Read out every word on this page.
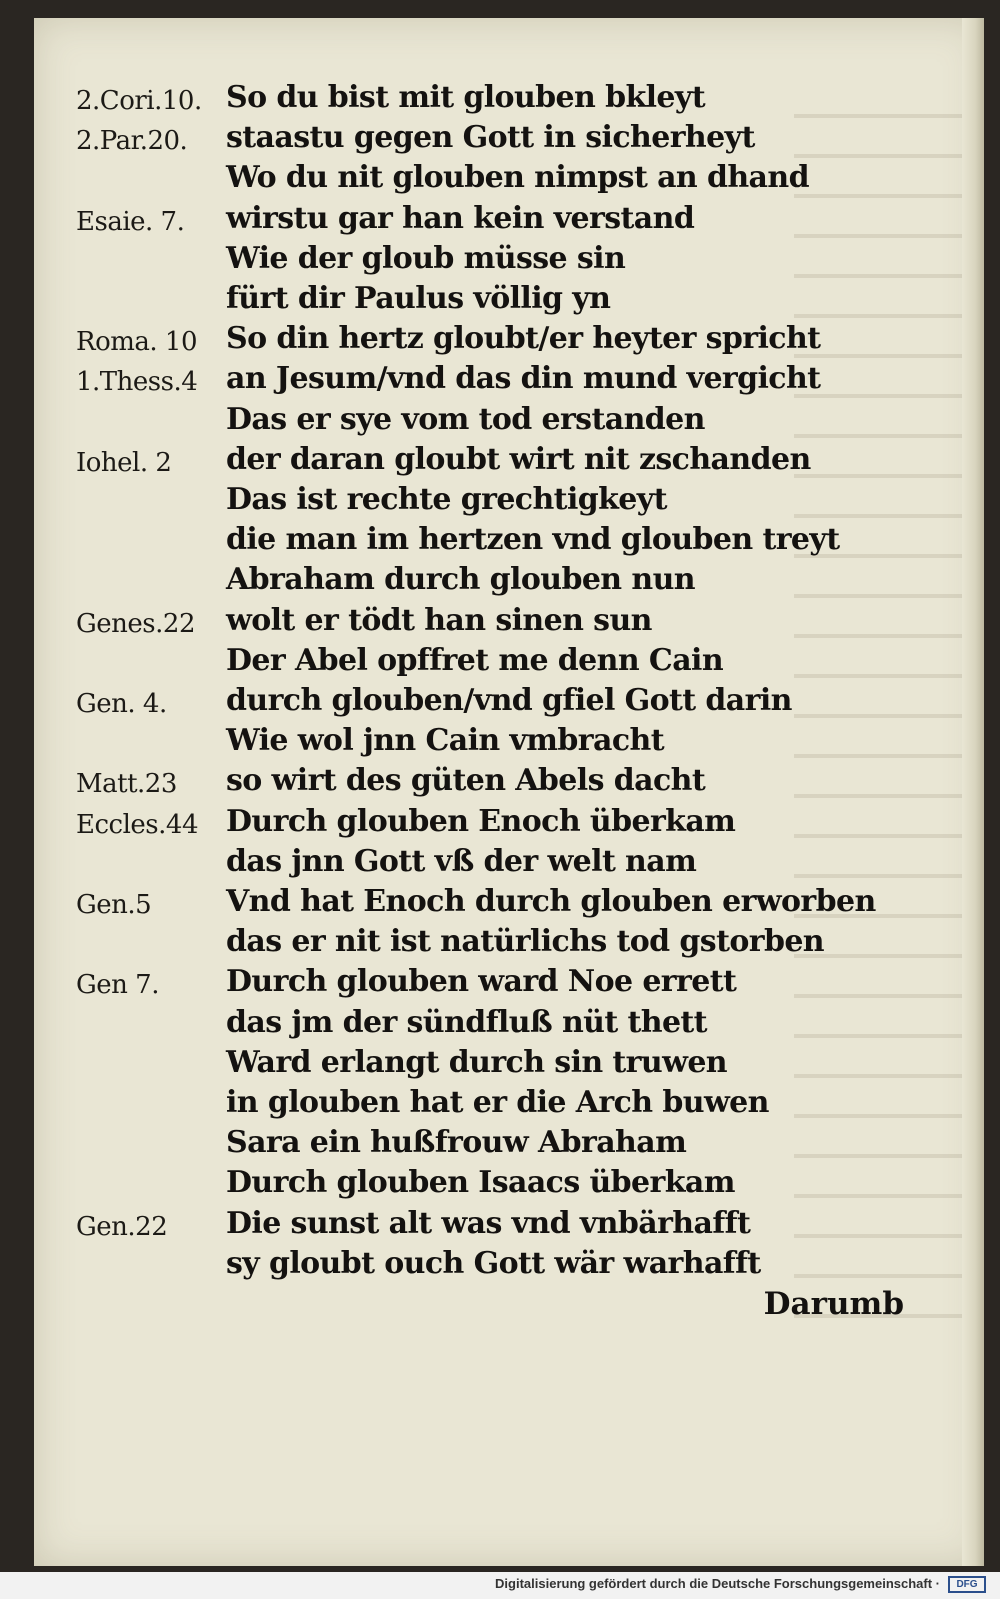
2.Cori.10. So du bist mit glouben bkleyt
2.Par.20. staastu gegen Gott in sicherheyt
Wo du nit glouben nimpst an dhand
Esaie. 7. wirstu gar han kein verstand
Wie der gloub müsse sin
fürt dir Paulus völlig yn
Roma. 10 So din hertz gloubt/er heyter spricht
1.Thess.4 an Jesum/vnd das din mund vergicht
Das er sye vom tod erstanden
Iohel. 2 der daran gloubt wirt nit zschanden
Das ist rechte grechtigkeyt
die man im hertzen vnd glouben treyt
Abraham durch glouben nun
Genes.22 wolt er tödt han sinen sun
Der Abel opffret me denn Cain
Gen. 4. durch glouben/vnd gfiel Gott darin
Wie wol jnn Cain vmbracht
Matt.23 so wirt des güten Abels dacht
Eccles.44 Durch glouben Enoch überkam
das jnn Gott vß der welt nam
Gen.5 Vnd hat Enoch durch glouben erworben
das er nit ist natürlichs tod gstorben
Gen 7. Durch glouben ward Noe errett
das jm der sündfluß nüt thett
Ward erlangt durch sin truwen
in glouben hat er die Arch buwen
Sara ein hußfrouw Abraham
Durch glouben Isaacs überkam
Gen.22 Die sunst alt was vnd vnbärhafft
sy gloubt ouch Gott wär warhafft
Darumb
Digitalisierung gefördert durch die Deutsche Forschungsgemeinschaft ·	DFG
